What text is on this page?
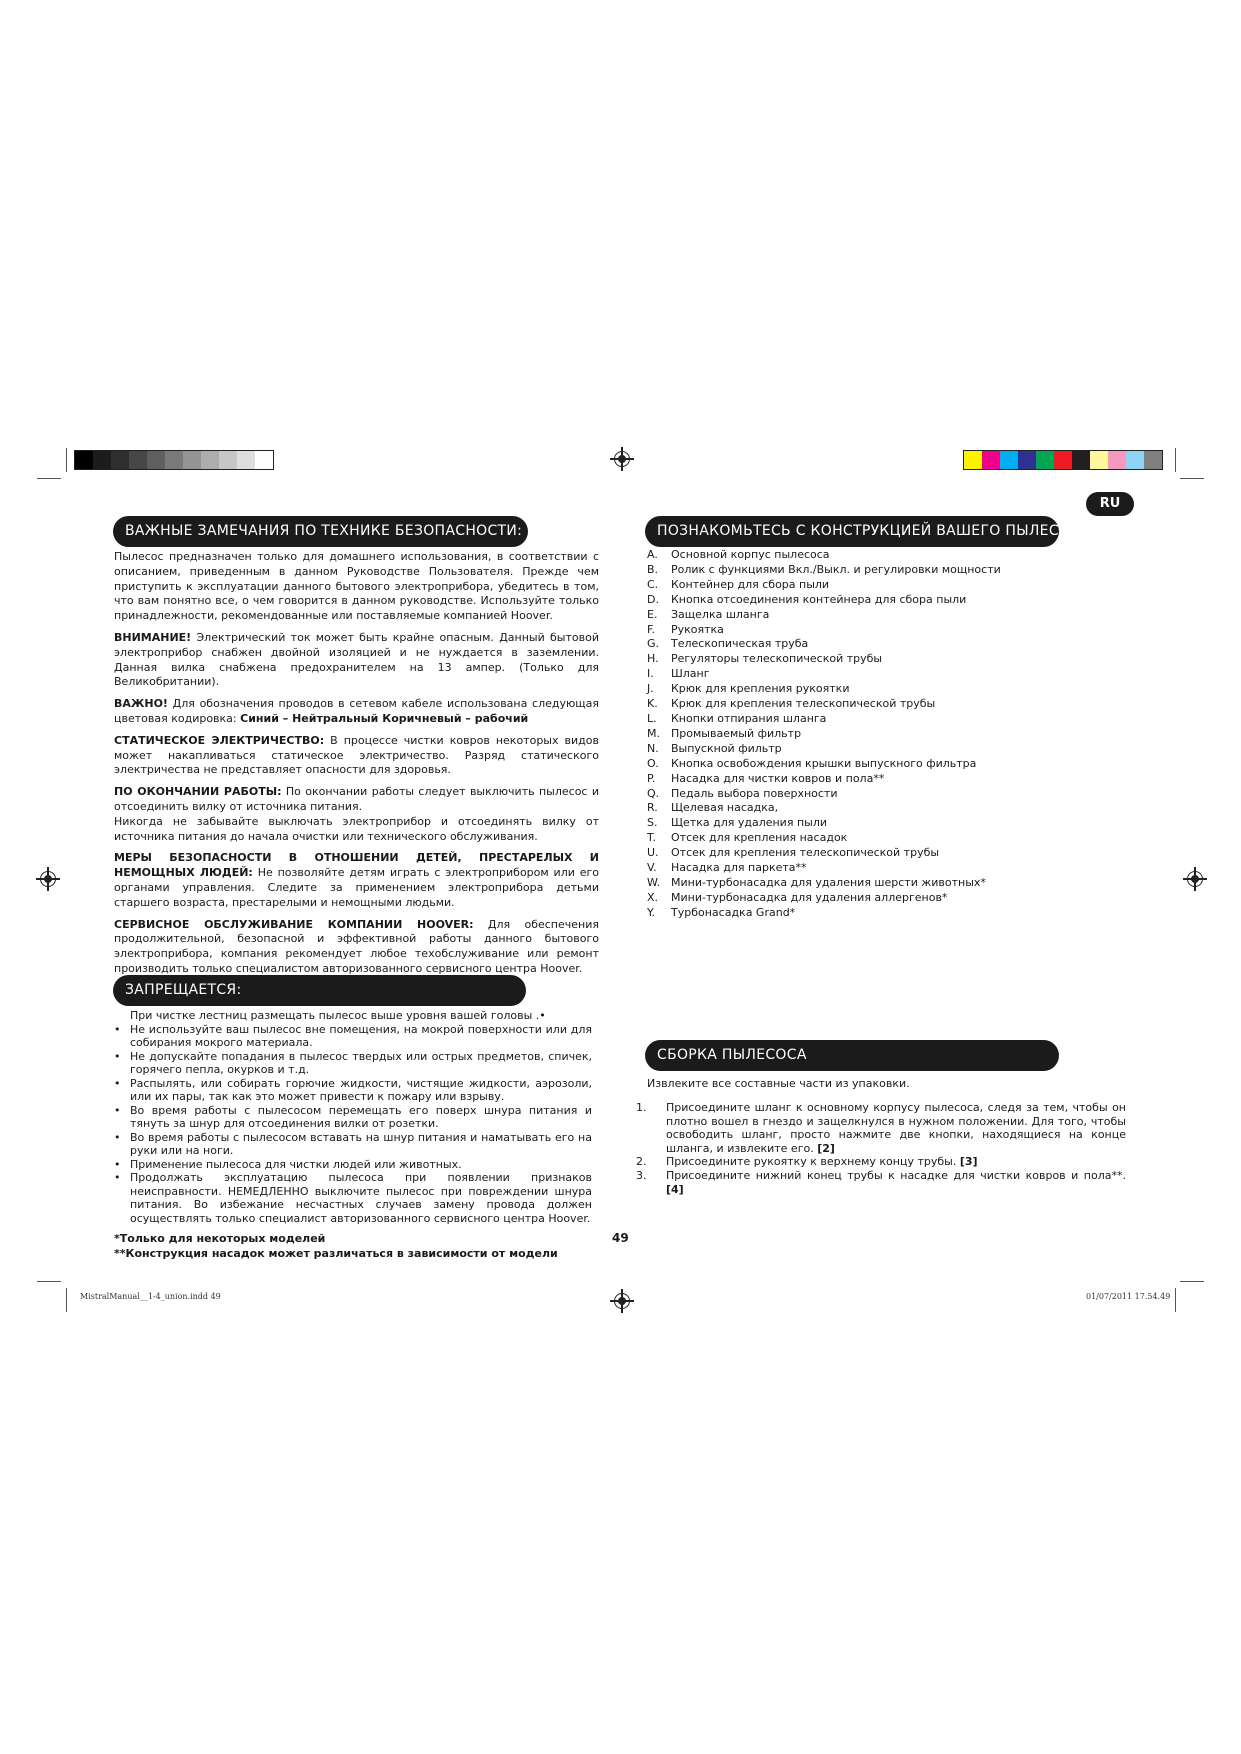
RU
ВАЖНЫЕ ЗАМЕЧАНИЯ ПО ТЕХНИКЕ БЕЗОПАСНОСТИ:

Пылесос предназначен только для домашнего использования, в соответствии с описанием, приведенным в данном Руководстве Пользователя. Прежде чем приступить к эксплуатации данного бытового электроприбора, убедитесь в том, что вам понятно все, о чем говорится в данном руководстве. Используйте только принадлежности, рекомендованные или поставляемые компанией Hoover.

ВНИМАНИЕ! Электрический ток может быть крайне опасным. Данный бытовой электроприбор снабжен двойной изоляцией и не нуждается в заземлении. Данная вилка снабжена предохранителем на 13 ампер. (Только для Великобритании).

ВАЖНО! Для обозначения проводов в сетевом кабеле использована следующая цветовая кодировка: Синий – Нейтральный Коричневый – рабочий

СТАТИЧЕСКОЕ ЭЛЕКТРИЧЕСТВО: В процессе чистки ковров некоторых видов может накапливаться статическое электричество. Разряд статического электричества не представляет опасности для здоровья.

ПО ОКОНЧАНИИ РАБОТЫ: По окончании работы следует выключить пылесос и отсоединить вилку от источника питания.

Никогда не забывайте выключать электроприбор и отсоединять вилку от источника питания до начала очистки или технического обслуживания.

МЕРЫ БЕЗОПАСНОСТИ В ОТНОШЕНИИ ДЕТЕЙ, ПРЕСТАРЕЛЫХ И НЕМОЩНЫХ ЛЮДЕЙ: Не позволяйте детям играть с электроприбором или его органами управления. Следите за применением электроприбора детьми старшего возраста, престарелыми и немощными людьми.

СЕРВИСНОЕ ОБСЛУЖИВАНИЕ КОМПАНИИ HOOVER: Для обеспечения продолжительной, безопасной и эффективной работы данного бытового электроприбора, компания рекомендует любое техобслуживание или ремонт производить только специалистом авторизованного сервисного центра Hoover.

ЗАПРЕЩАЕТСЯ:
При чистке лестниц размещать пылесос выше уровня вашей головы .•
• Не используйте ваш пылесос вне помещения, на мокрой поверхности или для собирания мокрого материала.
• Не допускайте попадания в пылесос твердых или острых предметов, спичек, горячего пепла, окурков и т.д.
• Распылять, или собирать горючие жидкости, чистящие жидкости, аэрозоли, или их пары, так как это может привести к пожару или взрыву.
• Во время работы с пылесосом перемещать его поверх шнура питания и тянуть за шнур для отсоединения вилки от розетки.
• Во время работы с пылесосом вставать на шнур питания и наматывать его на руки или на ноги.
• Применение пылесоса для чистки людей или животных.
• Продолжать эксплуатацию пылесоса при появлении признаков неисправности. НЕМЕДЛЕННО выключите пылесос при повреждении шнура питания. Во избежание несчастных случаев замену провода должен осуществлять только специалист авторизованного сервисного центра Hoover.
*Только для некоторых моделей
**Конструкция насадок может различаться в зависимости от модели
49
ПОЗНАКОМЬТЕСЬ С КОНСТРУКЦИЕЙ ВАШЕГО ПЫЛЕСОСА
A.	Основной корпус пылесоса
B.	Ролик с функциями Вкл./Выкл. и регулировки мощности
C.	Контейнер для сбора пыли
D.	Кнопка отсоединения контейнера для сбора пыли
E.	Защелка шланга
F.	Рукоятка
G.	Телескопическая труба
H.	Регуляторы телескопической трубы
I.	Шланг
J.	Крюк для крепления рукоятки
K.	Крюк для крепления телескопической трубы
L.	Кнопки отпирания шланга
M.	Промываемый фильтр
N.	Выпускной фильтр
O.	Кнопка освобождения крышки выпускного фильтра
P.	Насадка для чистки ковров и пола**
Q.	Педаль выбора поверхности
R.	Щелевая насадка,
S.	Щетка для удаления пыли
T.	Отсек для крепления насадок
U.	Отсек для крепления телескопической трубы
V.	Насадка для паркета**
W. Мини-турбонасадка для удаления шерсти животных*
X.	Мини-турбонасадка для удаления аллергенов*
Y.	Турбонасадка Grand*
СБОРКА ПЫЛЕСОСА
Извлеките все составные части из упаковки.
1.	Присоедините шланг к основному корпусу пылесоса, следя за тем, чтобы он плотно вошел в гнездо и защелкнулся в нужном положении. Для того, чтобы освободить шланг, просто нажмите две кнопки, находящиеся на конце шланга, и извлеките его. [2]
2.	Присоедините рукоятку к верхнему концу трубы. [3]
3.	Присоедините нижний конец трубы к насадке для чистки ковров и пола**. [4]
MistralManual__1-4_union.indd 49	01/07/2011 17.54.49
